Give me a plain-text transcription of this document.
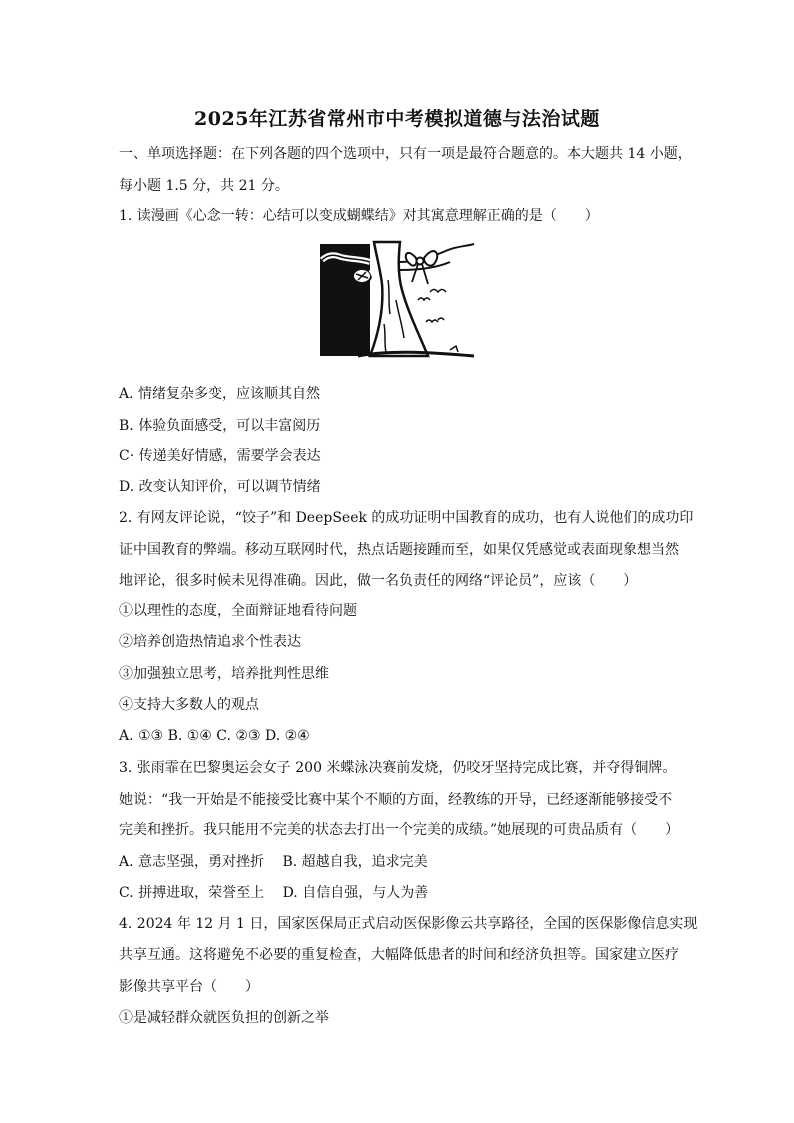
2025年江苏省常州市中考模拟道德与法治试题
一、单项选择题：在下列各题的四个选项中，只有一项是最符合题意的。本大题共 14 小题，
每小题 1.5 分，共 21 分。
1. 读漫画《心念一转：心结可以变成蝴蝶结》对其寓意理解正确的是（　　）
A. 情绪复杂多变，应该顺其自然
B. 体验负面感受，可以丰富阅历
C· 传递美好情感，需要学会表达
D. 改变认知评价，可以调节情绪
2. 有网友评论说，“饺子”和 DeepSeek 的成功证明中国教育的成功，也有人说他们的成功印
证中国教育的弊端。移动互联网时代，热点话题接踵而至，如果仅凭感觉或表面现象想当然
地评论，很多时候未见得准确。因此，做一名负责任的网络“评论员”，应该（　　）
①以理性的态度，全面辩证地看待问题
②培养创造热情追求个性表达
③加强独立思考，培养批判性思维
④支持大多数人的观点
A. ①③ B. ①④ C. ②③ D. ②④
3. 张雨霏在巴黎奥运会女子 200 米蝶泳决赛前发烧，仍咬牙坚持完成比赛，并夺得铜牌。
她说：“我一开始是不能接受比赛中某个不顺的方面，经教练的开导，已经逐渐能够接受不
完美和挫折。我只能用不完美的状态去打出一个完美的成绩。”她展现的可贵品质有（　　）
A. 意志坚强，勇对挫折　 B. 超越自我，追求完美
C. 拼搏进取，荣誉至上　 D. 自信自强，与人为善
4. 2024 年 12 月 1 日，国家医保局正式启动医保影像云共享路径，全国的医保影像信息实现
共享互通。这将避免不必要的重复检查，大幅降低患者的时间和经济负担等。国家建立医疗
影像共享平台（　　）
①是减轻群众就医负担的创新之举
